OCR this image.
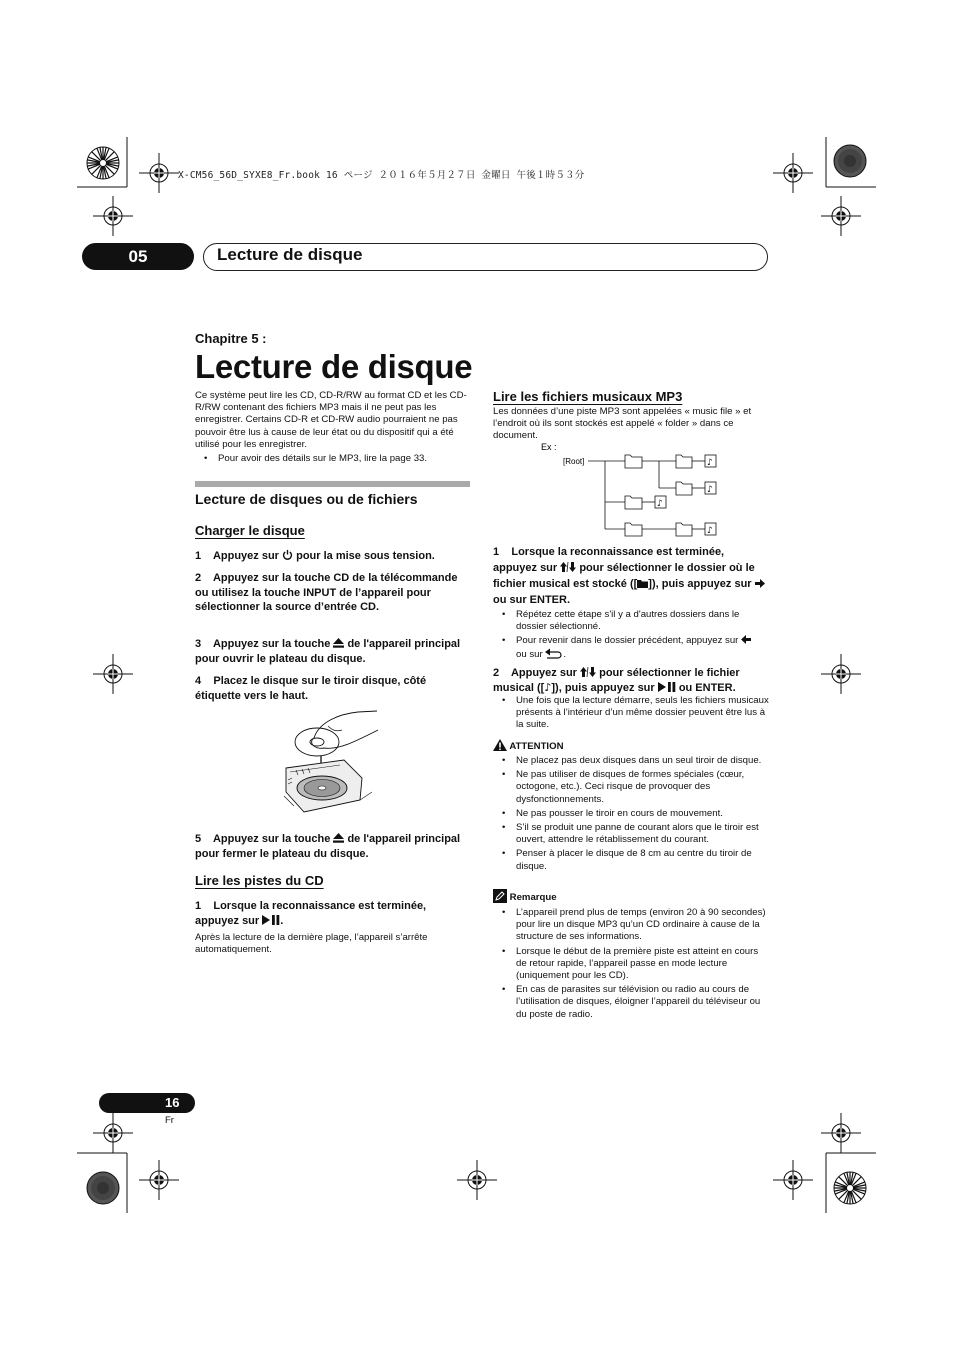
X-CM56_56D_SYXE8_Fr.book 16 ページ ２０１６年５月２７日 金曜日 午後１時５３分
05	Lecture de disque
Chapitre 5 :
Lecture de disque
Ce système peut lire les CD, CD-R/RW au format CD et les CD-R/RW contenant des fichiers MP3 mais il ne peut pas les enregistrer. Certains CD-R et CD-RW audio pourraient ne pas pouvoir être lus à cause de leur état ou du dispositif qui a été utilisé pour les enregistrer.
• Pour avoir des détails sur le MP3, lire la page 33.
Lecture de disques ou de fichiers
Charger le disque
1 Appuyez sur pour la mise sous tension.
2 Appuyez sur la touche CD de la télécommande ou utilisez la touche INPUT de l’appareil pour sélectionner la source d’entrée CD.
3 Appuyez sur la touche de l'appareil principal pour ouvrir le plateau du disque.
4 Placez le disque sur le tiroir disque, côté étiquette vers le haut.
5 Appuyez sur la touche de l'appareil principal pour fermer le plateau du disque.
Lire les pistes du CD
1 Lorsque la reconnaissance est terminée, appuyez sur .
Après la lecture de la dernière plage, l’appareil s’arrête automatiquement.
Lire les fichiers musicaux MP3
Les données d’une piste MP3 sont appelées « music file » et l’endroit où ils sont stockés est appelé « folder » dans ce document.
Ex :
[Root]	♪
♪
♪
♪
1 Lorsque la reconnaissance est terminée, appuyez sur pour sélectionner le dossier où le fichier musical est stocké ([ ]), puis appuyez sur  ou sur ENTER.
• Répétez cette étape s'il y a d'autres dossiers dans le dossier sélectionné.
• Pour revenir dans le dossier précédent, appuyez sur
ou sur .
2 Appuyez sur pour sélectionner le fichier musical ([♪]), puis appuyez sur ou ENTER.
• Une fois que la lecture démarre, seuls les fichiers musicaux présents à l’intérieur d’un même dossier peuvent être lus à la suite.
ATTENTION
• Ne placez pas deux disques dans un seul tiroir de disque.
• Ne pas utiliser de disques de formes spéciales (cœur, octogone, etc.). Ceci risque de provoquer des dysfonctionnements.
• Ne pas pousser le tiroir en cours de mouvement.
• S’il se produit une panne de courant alors que le tiroir est ouvert, attendre le rétablissement du courant.
• Penser à placer le disque de 8 cm au centre du tiroir de disque.
Remarque
• L’appareil prend plus de temps (environ 20 à 90 secondes) pour lire un disque MP3 qu’un CD ordinaire à cause de la structure de ses informations.
• Lorsque le début de la première piste est atteint en cours de retour rapide, l’appareil passe en mode lecture (uniquement pour les CD).
• En cas de parasites sur télévision ou radio au cours de l’utilisation de disques, éloigner l’appareil du téléviseur ou du poste de radio.
16
Fr
